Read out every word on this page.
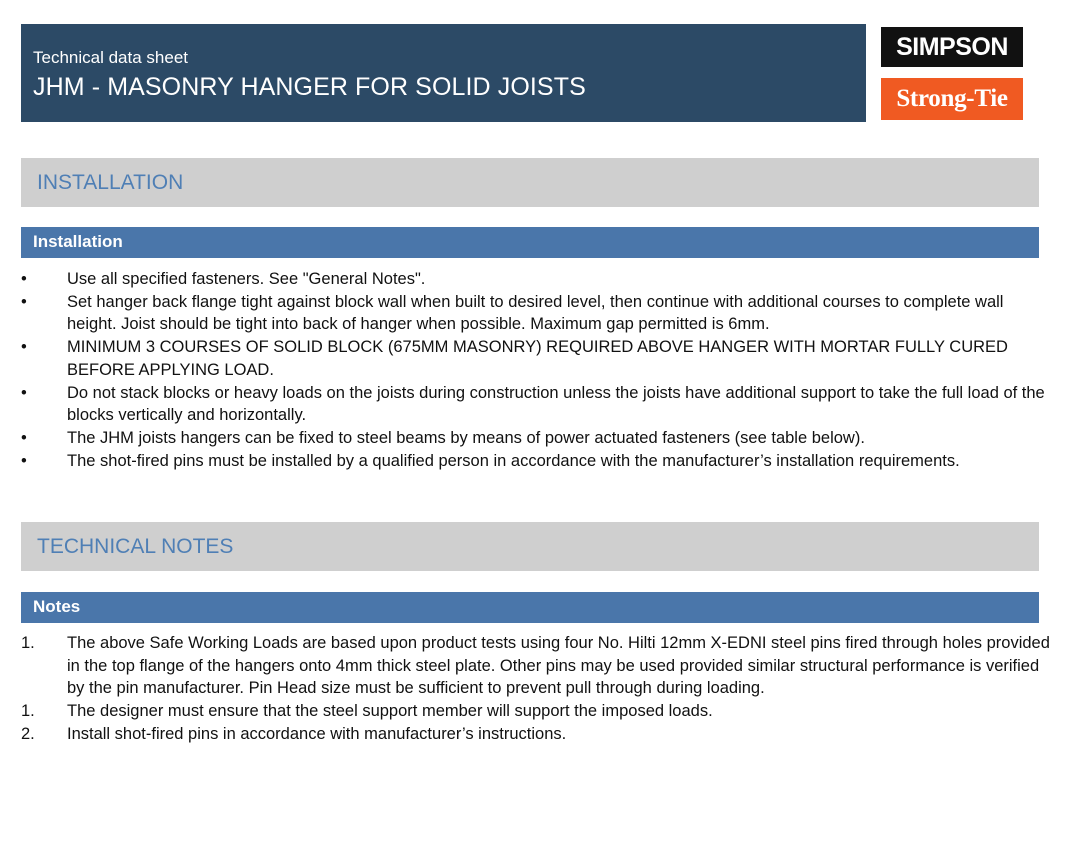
Technical data sheet
JHM - MASONRY HANGER FOR SOLID JOISTS
SIMPSON
Strong-Tie
INSTALLATION
Installation
•	Use all specified fasteners. See "General Notes".
•	Set hanger back flange tight against block wall when built to desired level, then continue with additional courses to complete wall height. Joist should be tight into back of hanger when possible. Maximum gap permitted is 6mm.
•	MINIMUM 3 COURSES OF SOLID BLOCK (675MM MASONRY) REQUIRED ABOVE HANGER WITH MORTAR FULLY CURED BEFORE APPLYING LOAD.
•	Do not stack blocks or heavy loads on the joists during construction unless the joists have additional support to take the full load of the blocks vertically and horizontally.
•	The JHM joists hangers can be fixed to steel beams by means of power actuated fasteners (see table below).
•	The shot-fired pins must be installed by a qualified person in accordance with the manufacturer’s installation requirements.
TECHNICAL NOTES
Notes
1.	The above Safe Working Loads are based upon product tests using four No. Hilti 12mm X-EDNI steel pins fired through holes provided in the top flange of the hangers onto 4mm thick steel plate. Other pins may be used provided similar structural performance is verified by the pin manufacturer. Pin Head size must be sufficient to prevent pull through during loading.
1.	The designer must ensure that the steel support member will support the imposed loads.
2.	Install shot-fired pins in accordance with manufacturer’s instructions.
